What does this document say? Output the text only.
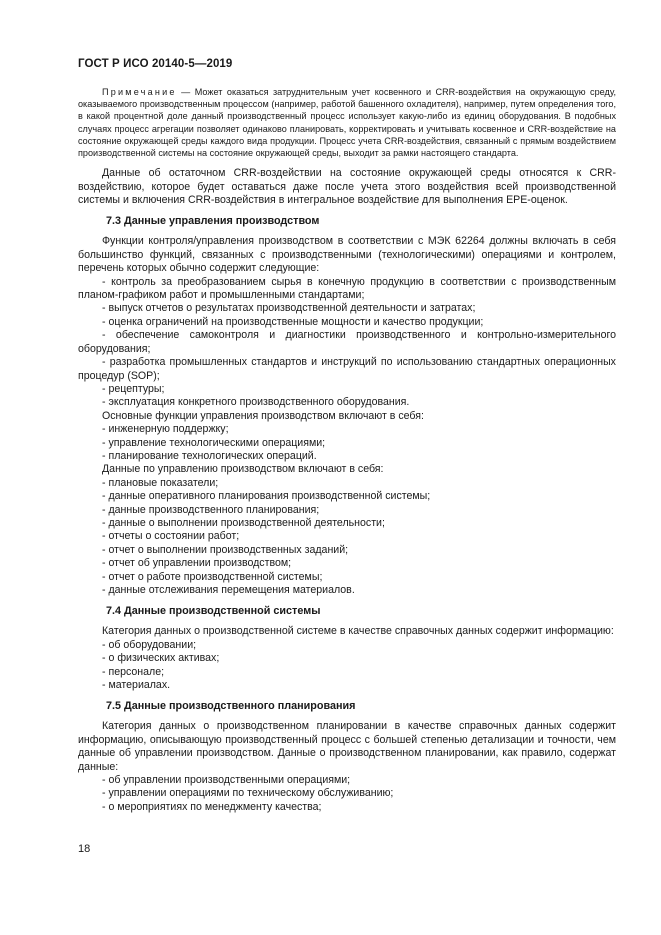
ГОСТ Р ИСО 20140-5—2019
Примечание — Может оказаться затруднительным учет косвенного и CRR-воздействия на окружающую среду, оказываемого производственным процессом (например, работой башенного охладителя), например, путем определения того, в какой процентной доле данный производственный процесс использует какую-либо из единиц оборудования. В подобных случаях процесс агрегации позволяет одинаково планировать, корректировать и учитывать косвенное и CRR-воздействие на состояние окружающей среды каждого вида продукции. Процесс учета CRR-воздействия, связанный с прямым воздействием производственной системы на состояние окружающей среды, выходит за рамки настоящего стандарта.

Данные об остаточном CRR-воздействии на состояние окружающей среды относятся к CRR-воздействию, которое будет оставаться даже после учета этого воздействия всей производственной системы и включения CRR-воздействия в интегральное воздействие для выполнения EPE-оценок.

7.3 Данные управления производством

Функции контроля/управления производством в соответствии с МЭК 62264 должны включать в себя большинство функций, связанных с производственными (технологическими) операциями и контролем, перечень которых обычно содержит следующие:

- контроль за преобразованием сырья в конечную продукцию в соответствии с производственным планом-графиком работ и промышленными стандартами;
- выпуск отчетов о результатах производственной деятельности и затратах;
- оценка ограничений на производственные мощности и качество продукции;
- обеспечение самоконтроля и диагностики производственного и контрольно-измерительного оборудования;
- разработка промышленных стандартов и инструкций по использованию стандартных операционных процедур (SOP);
- рецептуры;
- эксплуатация конкретного производственного оборудования.

Основные функции управления производством включают в себя:

- инженерную поддержку;
- управление технологическими операциями;
- планирование технологических операций.

Данные по управлению производством включают в себя:

- плановые показатели;
- данные оперативного планирования производственной системы;
- данные производственного планирования;
- данные о выполнении производственной деятельности;
- отчеты о состоянии работ;
- отчет о выполнении производственных заданий;
- отчет об управлении производством;
- отчет о работе производственной системы;
- данные отслеживания перемещения материалов.
7.4 Данные производственной системы

Категория данных о производственной системе в качестве справочных данных содержит информацию:

- об оборудовании;
- о физических активах;
- персонале;
- материалах.
7.5 Данные производственного планирования

Категория данных о производственном планировании в качестве справочных данных содержит информацию, описывающую производственный процесс с большей степенью детализации и точности, чем данные об управлении производством. Данные о производственном планировании, как правило, содержат данные:

- об управлении производственными операциями;
- управлении операциями по техническому обслуживанию;
- о мероприятиях по менеджменту качества;
18
